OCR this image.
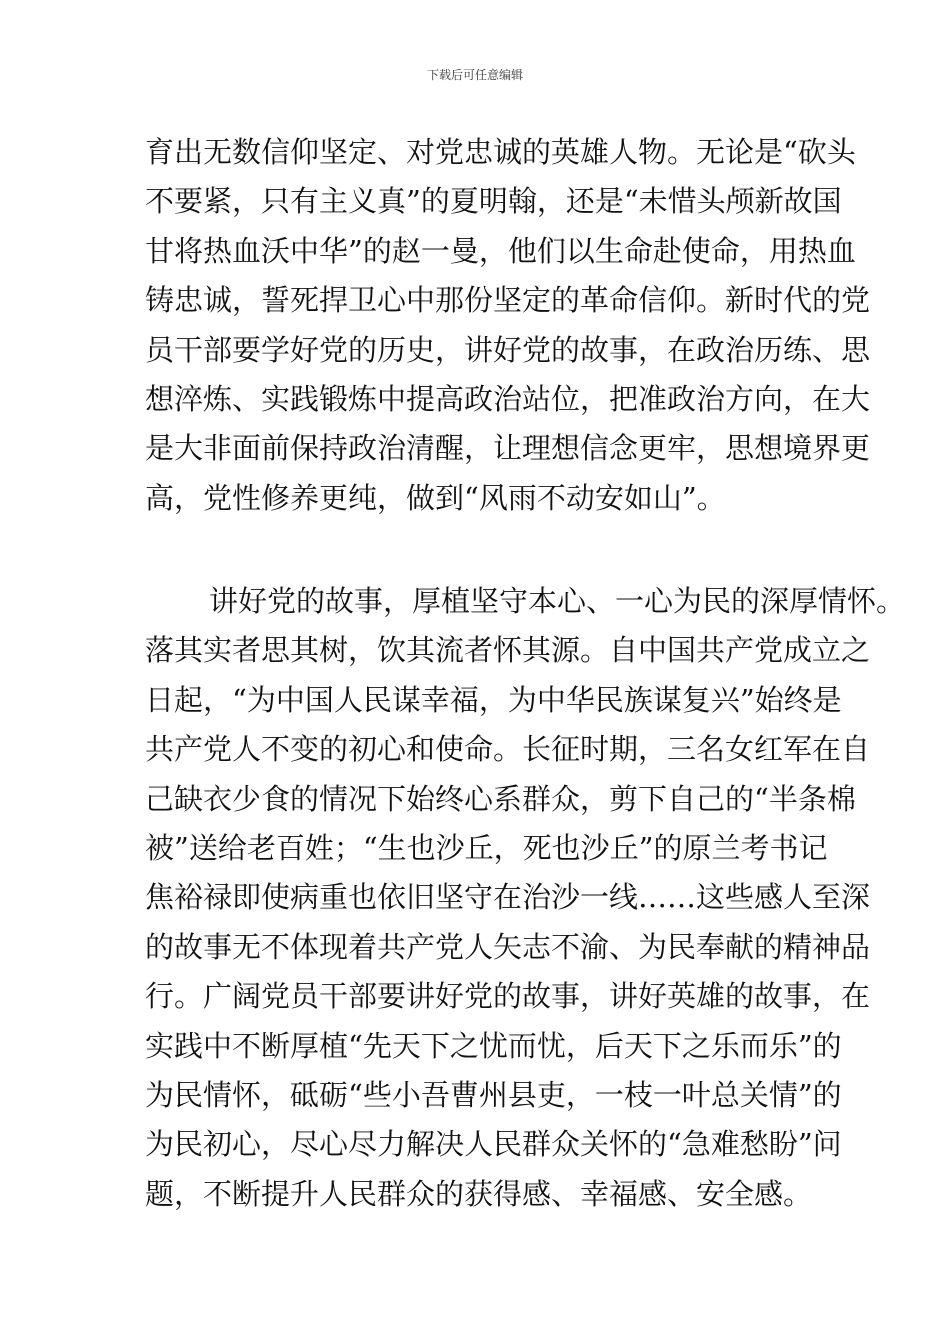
下载后可任意编辑
育出无数信仰坚定、对党忠诚的英雄人物。无论是“砍头
不要紧，只有主义真”的夏明翰，还是“未惜头颅新故国
甘将热血沃中华”的赵一曼，他们以生命赴使命，用热血
铸忠诚，誓死捍卫心中那份坚定的革命信仰。新时代的党
员干部要学好党的历史，讲好党的故事，在政治历练、思
想淬炼、实践锻炼中提高政治站位，把准政治方向，在大
是大非面前保持政治清醒，让理想信念更牢，思想境界更
高，党性修养更纯，做到“风雨不动安如山”。
讲好党的故事，厚植坚守本心、一心为民的深厚情怀。
落其实者思其树，饮其流者怀其源。自中国共产党成立之
日起，“为中国人民谋幸福，为中华民族谋复兴”始终是
共产党人不变的初心和使命。长征时期，三名女红军在自
己缺衣少食的情况下始终心系群众，剪下自己的“半条棉
被”送给老百姓；“生也沙丘，死也沙丘”的原兰考书记
焦裕禄即使病重也依旧坚守在治沙一线……这些感人至深
的故事无不体现着共产党人矢志不渝、为民奉献的精神品
行。广阔党员干部要讲好党的故事，讲好英雄的故事，在
实践中不断厚植“先天下之忧而忧，后天下之乐而乐”的
为民情怀，砥砺“些小吾曹州县吏，一枝一叶总关情”的
为民初心，尽心尽力解决人民群众关怀的“急难愁盼”问
题，不断提升人民群众的获得感、幸福感、安全感。
